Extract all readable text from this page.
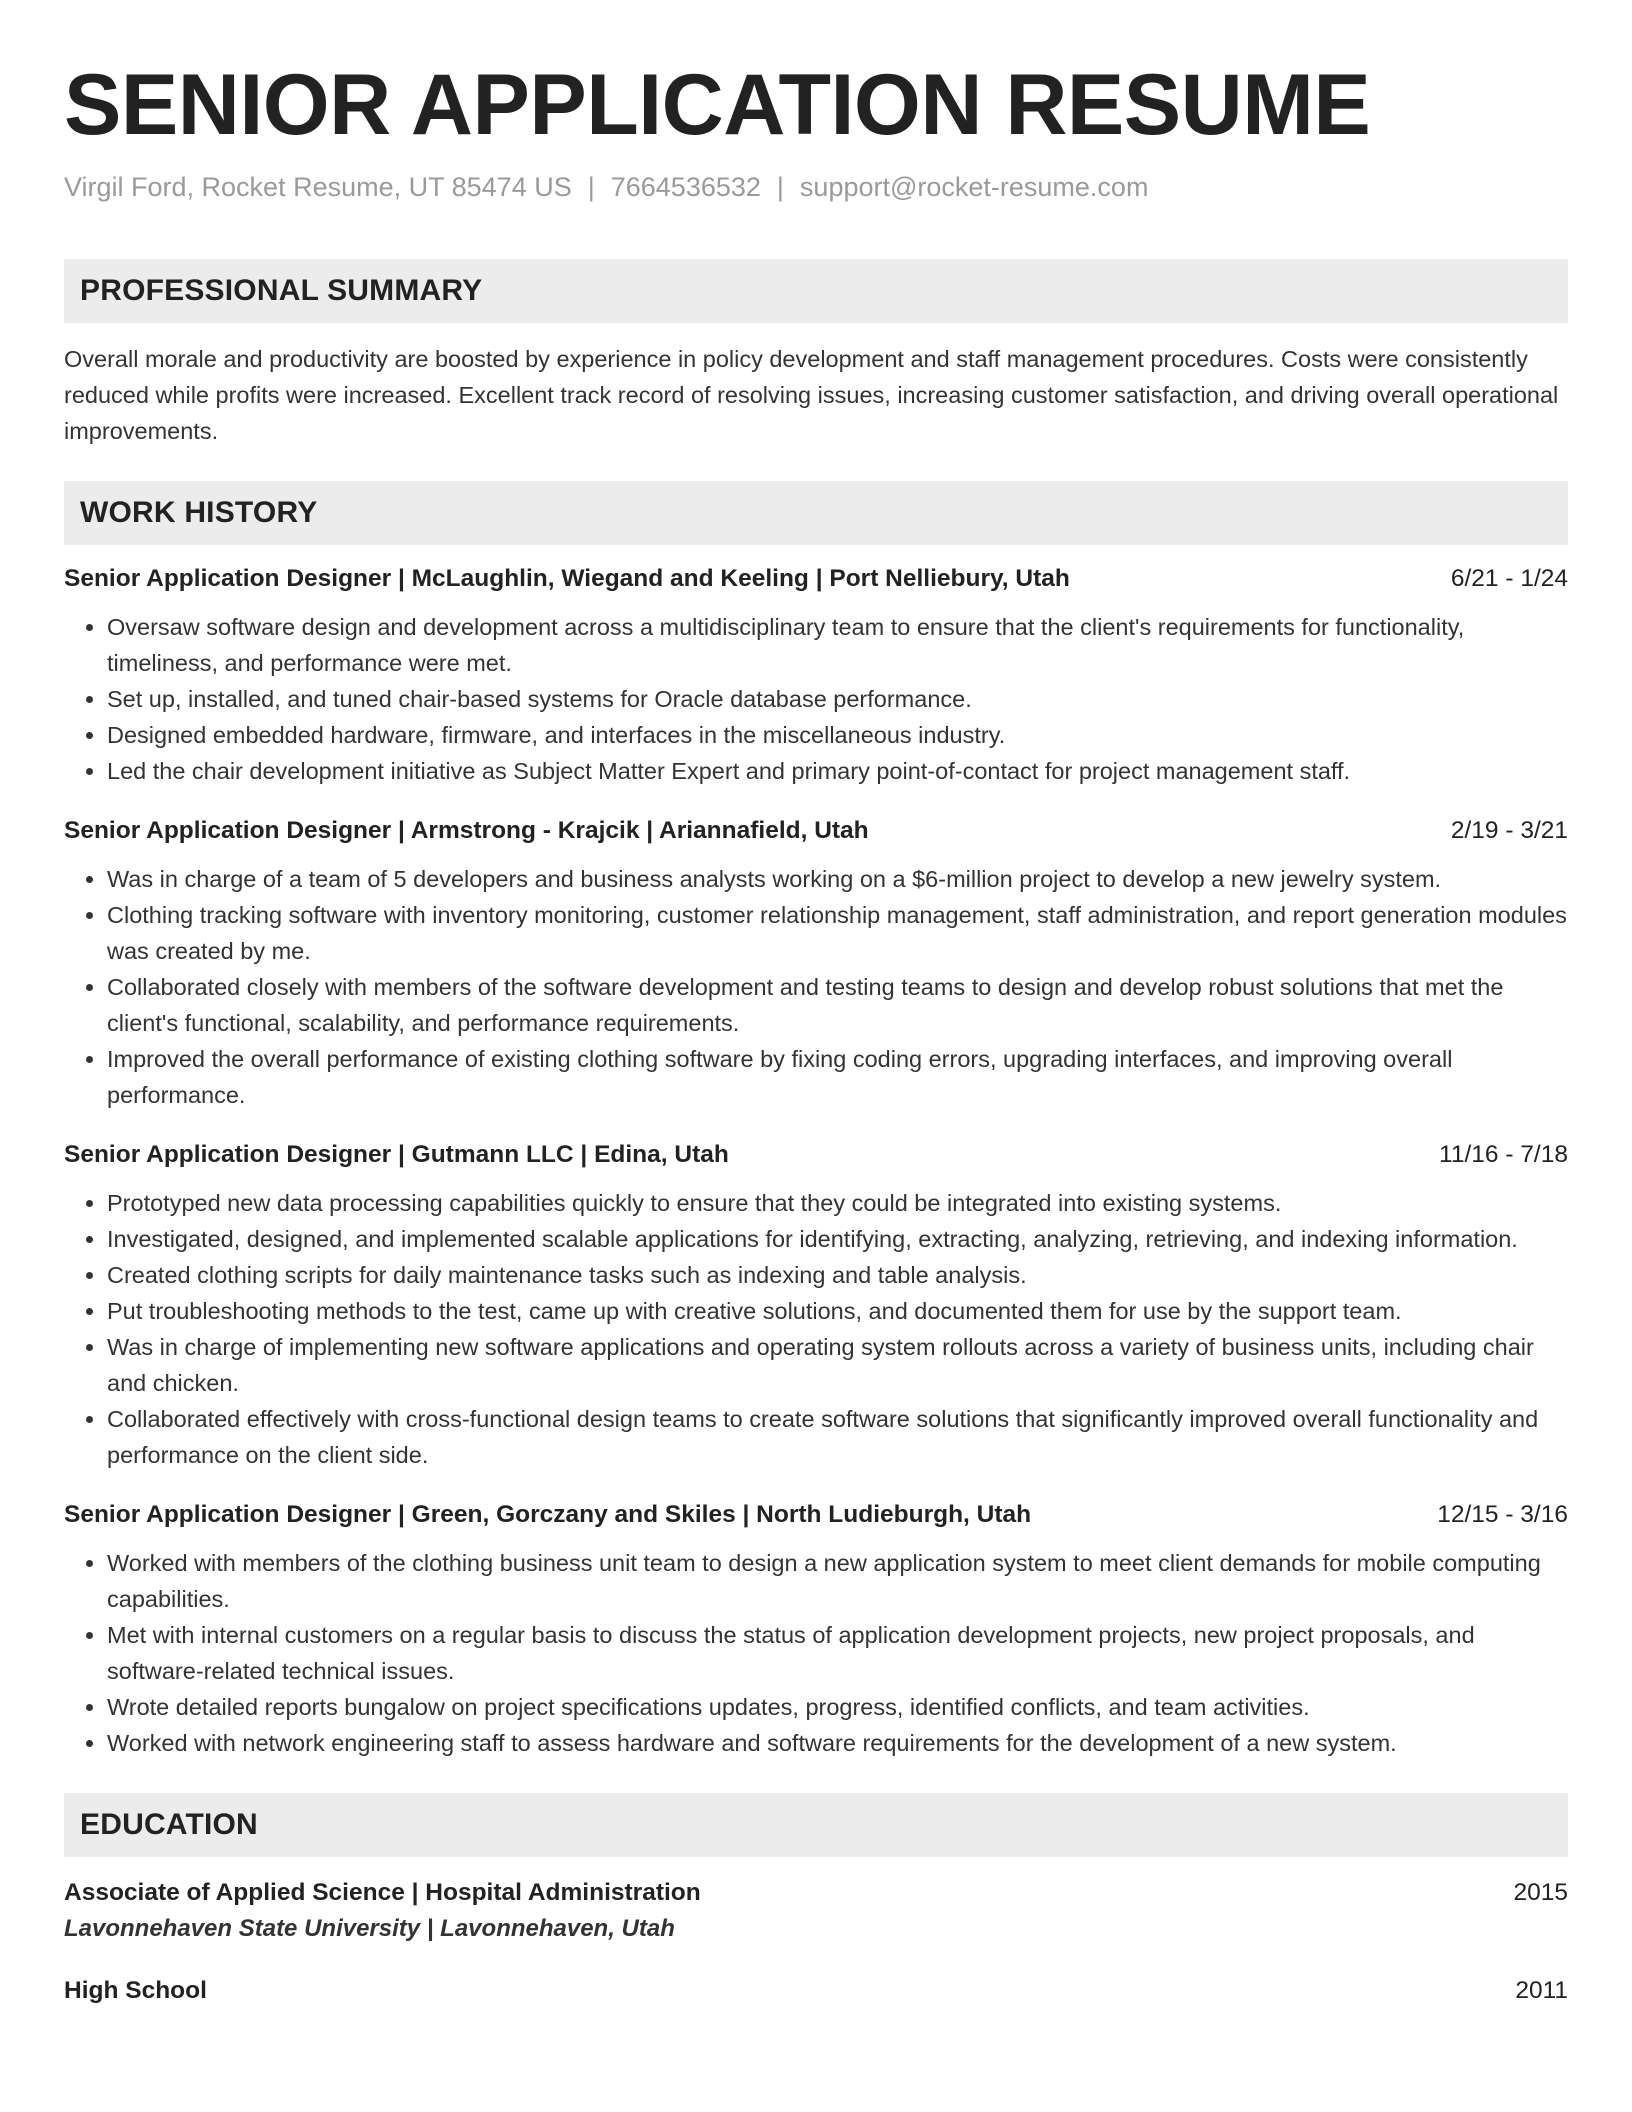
SENIOR APPLICATION RESUME
Virgil Ford, Rocket Resume, UT 85474 US | 7664536532 | support@rocket-resume.com
PROFESSIONAL SUMMARY
Overall morale and productivity are boosted by experience in policy development and staff management procedures. Costs were consistently reduced while profits were increased. Excellent track record of resolving issues, increasing customer satisfaction, and driving overall operational improvements.
WORK HISTORY
Senior Application Designer | McLaughlin, Wiegand and Keeling | Port Nelliebury, Utah	6/21 - 1/24
• Oversaw software design and development across a multidisciplinary team to ensure that the client's requirements for functionality, timeliness, and performance were met.
• Set up, installed, and tuned chair-based systems for Oracle database performance.
• Designed embedded hardware, firmware, and interfaces in the miscellaneous industry.
• Led the chair development initiative as Subject Matter Expert and primary point-of-contact for project management staff.
Senior Application Designer | Armstrong - Krajcik | Ariannafield, Utah	2/19 - 3/21
• Was in charge of a team of 5 developers and business analysts working on a $6-million project to develop a new jewelry system.
• Clothing tracking software with inventory monitoring, customer relationship management, staff administration, and report generation modules was created by me.
• Collaborated closely with members of the software development and testing teams to design and develop robust solutions that met the client's functional, scalability, and performance requirements.
• Improved the overall performance of existing clothing software by fixing coding errors, upgrading interfaces, and improving overall performance.
Senior Application Designer | Gutmann LLC | Edina, Utah	11/16 - 7/18
• Prototyped new data processing capabilities quickly to ensure that they could be integrated into existing systems.
• Investigated, designed, and implemented scalable applications for identifying, extracting, analyzing, retrieving, and indexing information.
• Created clothing scripts for daily maintenance tasks such as indexing and table analysis.
• Put troubleshooting methods to the test, came up with creative solutions, and documented them for use by the support team.
• Was in charge of implementing new software applications and operating system rollouts across a variety of business units, including chair and chicken.
• Collaborated effectively with cross-functional design teams to create software solutions that significantly improved overall functionality and performance on the client side.
Senior Application Designer | Green, Gorczany and Skiles | North Ludieburgh, Utah	12/15 - 3/16
• Worked with members of the clothing business unit team to design a new application system to meet client demands for mobile computing capabilities.
• Met with internal customers on a regular basis to discuss the status of application development projects, new project proposals, and software-related technical issues.
• Wrote detailed reports bungalow on project specifications updates, progress, identified conflicts, and team activities.
• Worked with network engineering staff to assess hardware and software requirements for the development of a new system.
EDUCATION
Associate of Applied Science | Hospital Administration	2015
Lavonnehaven State University | Lavonnehaven, Utah
High School	2011
